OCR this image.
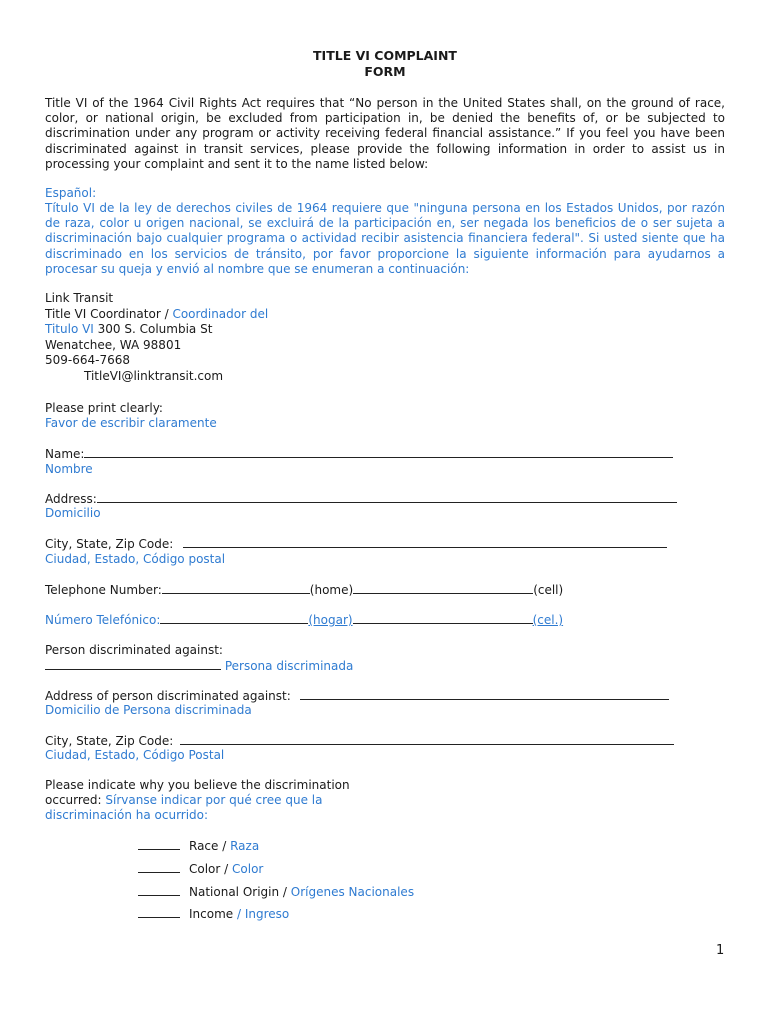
TITLE VI COMPLAINT
FORM
Title VI of the 1964 Civil Rights Act requires that “No person in the United States shall, on the ground of race, color, or national origin, be excluded from participation in, be denied the benefits of, or be subjected to discrimination under any program or activity receiving federal financial assistance.” If you feel you have been discriminated against in transit services, please provide the following information in order to assist us in processing your complaint and sent it to the name listed below:
Español:
Título VI de la ley de derechos civiles de 1964 requiere que "ninguna persona en los Estados Unidos, por razón de raza, color u origen nacional, se excluirá de la participación en, ser negada los beneficios de o ser sujeta a discriminación bajo cualquier programa o actividad recibir asistencia financiera federal". Si usted siente que ha discriminado en los servicios de tránsito, por favor proporcione la siguiente información para ayudarnos a procesar su queja y envió al nombre que se enumeran a continuación:
Link Transit
Title VI Coordinator / Coordinador del
Titulo VI 300 S. Columbia St
Wenatchee, WA 98801
509-664-7668
TitleVI@linktransit.com
Please print clearly:
Favor de escribir claramente
Name:
Nombre
Address:
Domicilio
City, State, Zip Code:
Ciudad, Estado, Código postal
Telephone Number:	(home)	(cell)
Número Telefónico:	(hogar)	(cel.)
Person discriminated against:
Persona discriminada
Address of person discriminated against:
Domicilio de Persona discriminada
City, State, Zip Code:
Ciudad, Estado, Código Postal
Please indicate why you believe the discrimination
occurred: Sírvanse indicar por qué cree que la
discriminación ha ocurrido:
Race / Raza
Color / Color
National Origin / Orígenes Nacionales
Income / Ingreso
1
